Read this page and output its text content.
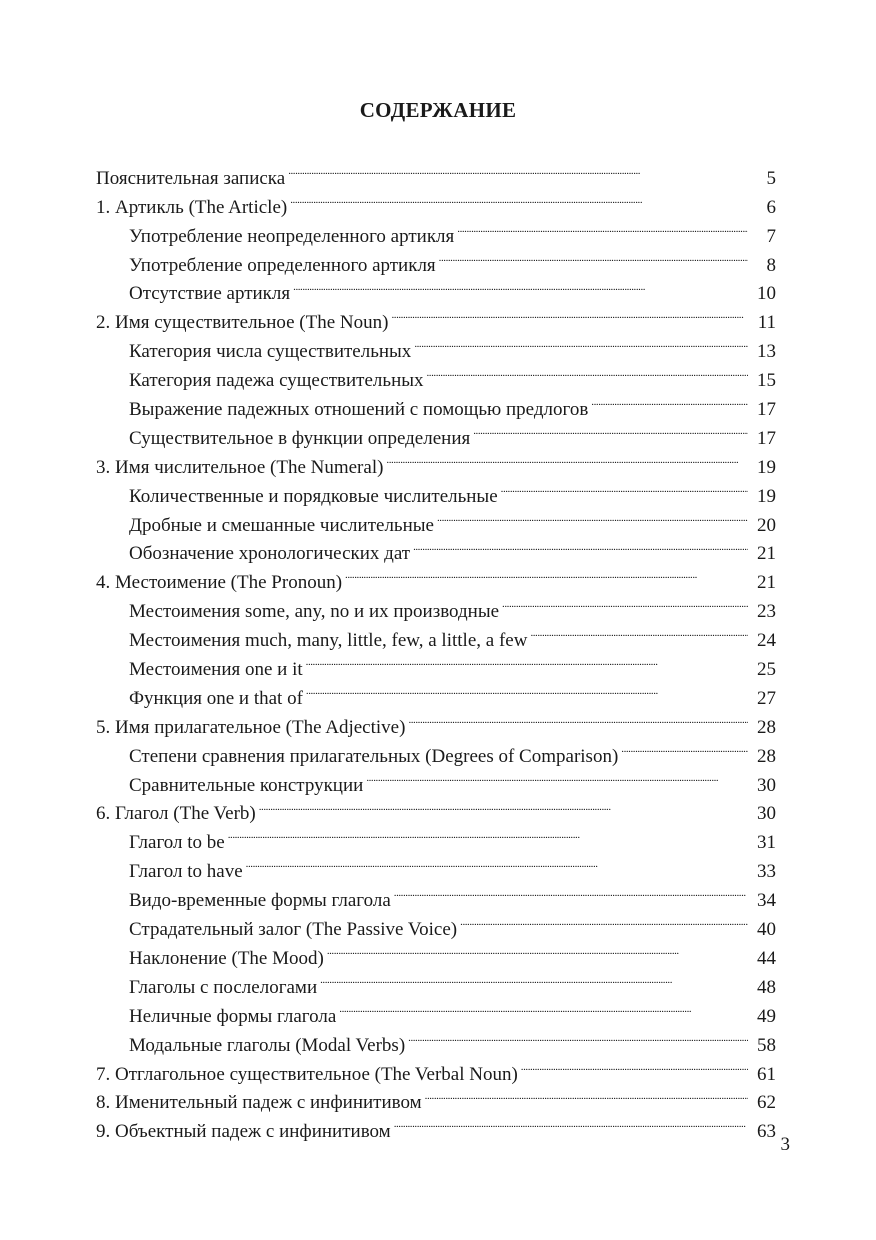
СОДЕРЖАНИЕ
Пояснительная записка . . .	5
1. Артикль (The Article) . . .	6
Употребление неопределенного артикля . . .	7
Употребление определенного артикля . . .	8
Отсутствие артикля . . .	10
2. Имя существительное (The Noun) . . .	11
Категория числа существительных . . .	13
Категория падежа существительных . . .	15
Выражение падежных отношений с помощью предлогов . . .	17
Существительное в функции определения . . .	17
3. Имя числительное (The Numeral) . . .	19
Количественные и порядковые числительные . . .	19
Дробные и смешанные числительные . . .	20
Обозначение хронологических дат . . .	21
4. Местоимение (The Pronoun) . . .	21
Местоимения some, any, no и их производные . . .	23
Местоимения much, many, little, few, a little, a few . . .	24
Местоимения one и it . . .	25
Функция one и that of . . .	27
5. Имя прилагательное (The Adjective) . . .	28
Степени сравнения прилагательных (Degrees of Comparison) . . .	28
Сравнительные конструкции . . .	30
6. Глагол (The Verb) . . .	30
Глагол to be . . .	31
Глагол to have . . .	33
Видо-временные формы глагола . . .	34
Страдательный залог (The Passive Voice) . . .	40
Наклонение (The Mood) . . .	44
Глаголы с послелогами . . .	48
Неличные формы глагола . . .	49
Модальные глаголы (Modal Verbs) . . .	58
7. Отглагольное существительное (The Verbal Noun) . . .	61
8. Именительный падеж с инфинитивом . . .	62
9. Объектный падеж с инфинитивом . . .	63
3
